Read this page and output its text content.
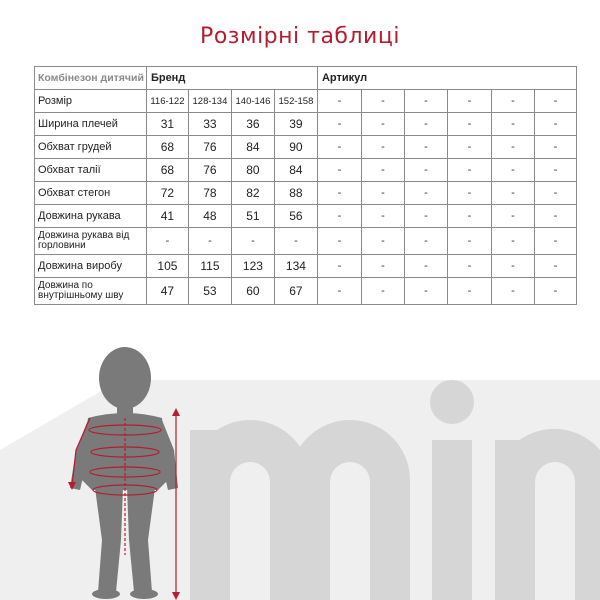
Розмірні таблиці
Комбінезон дитячий	Бренд				Артикул					
Розмір	116-122	128-134	140-146	152-158	-	-	-	-	-	-
Ширина плечей	31	33	36	39	-	-	-	-	-	-
Обхват грудей	68	76	84	90	-	-	-	-	-	-
Обхват талії	68	76	80	84	-	-	-	-	-	-
Обхват стегон	72	78	82	88	-	-	-	-	-	-
Довжина рукава	41	48	51	56	-	-	-	-	-	-
Довжина рукава від горловини	-	-	-	-	-	-	-	-	-	-
Довжина виробу	105	115	123	134	-	-	-	-	-	-
Довжина по внутрішньому шву	47	53	60	67	-	-	-	-	-	-
